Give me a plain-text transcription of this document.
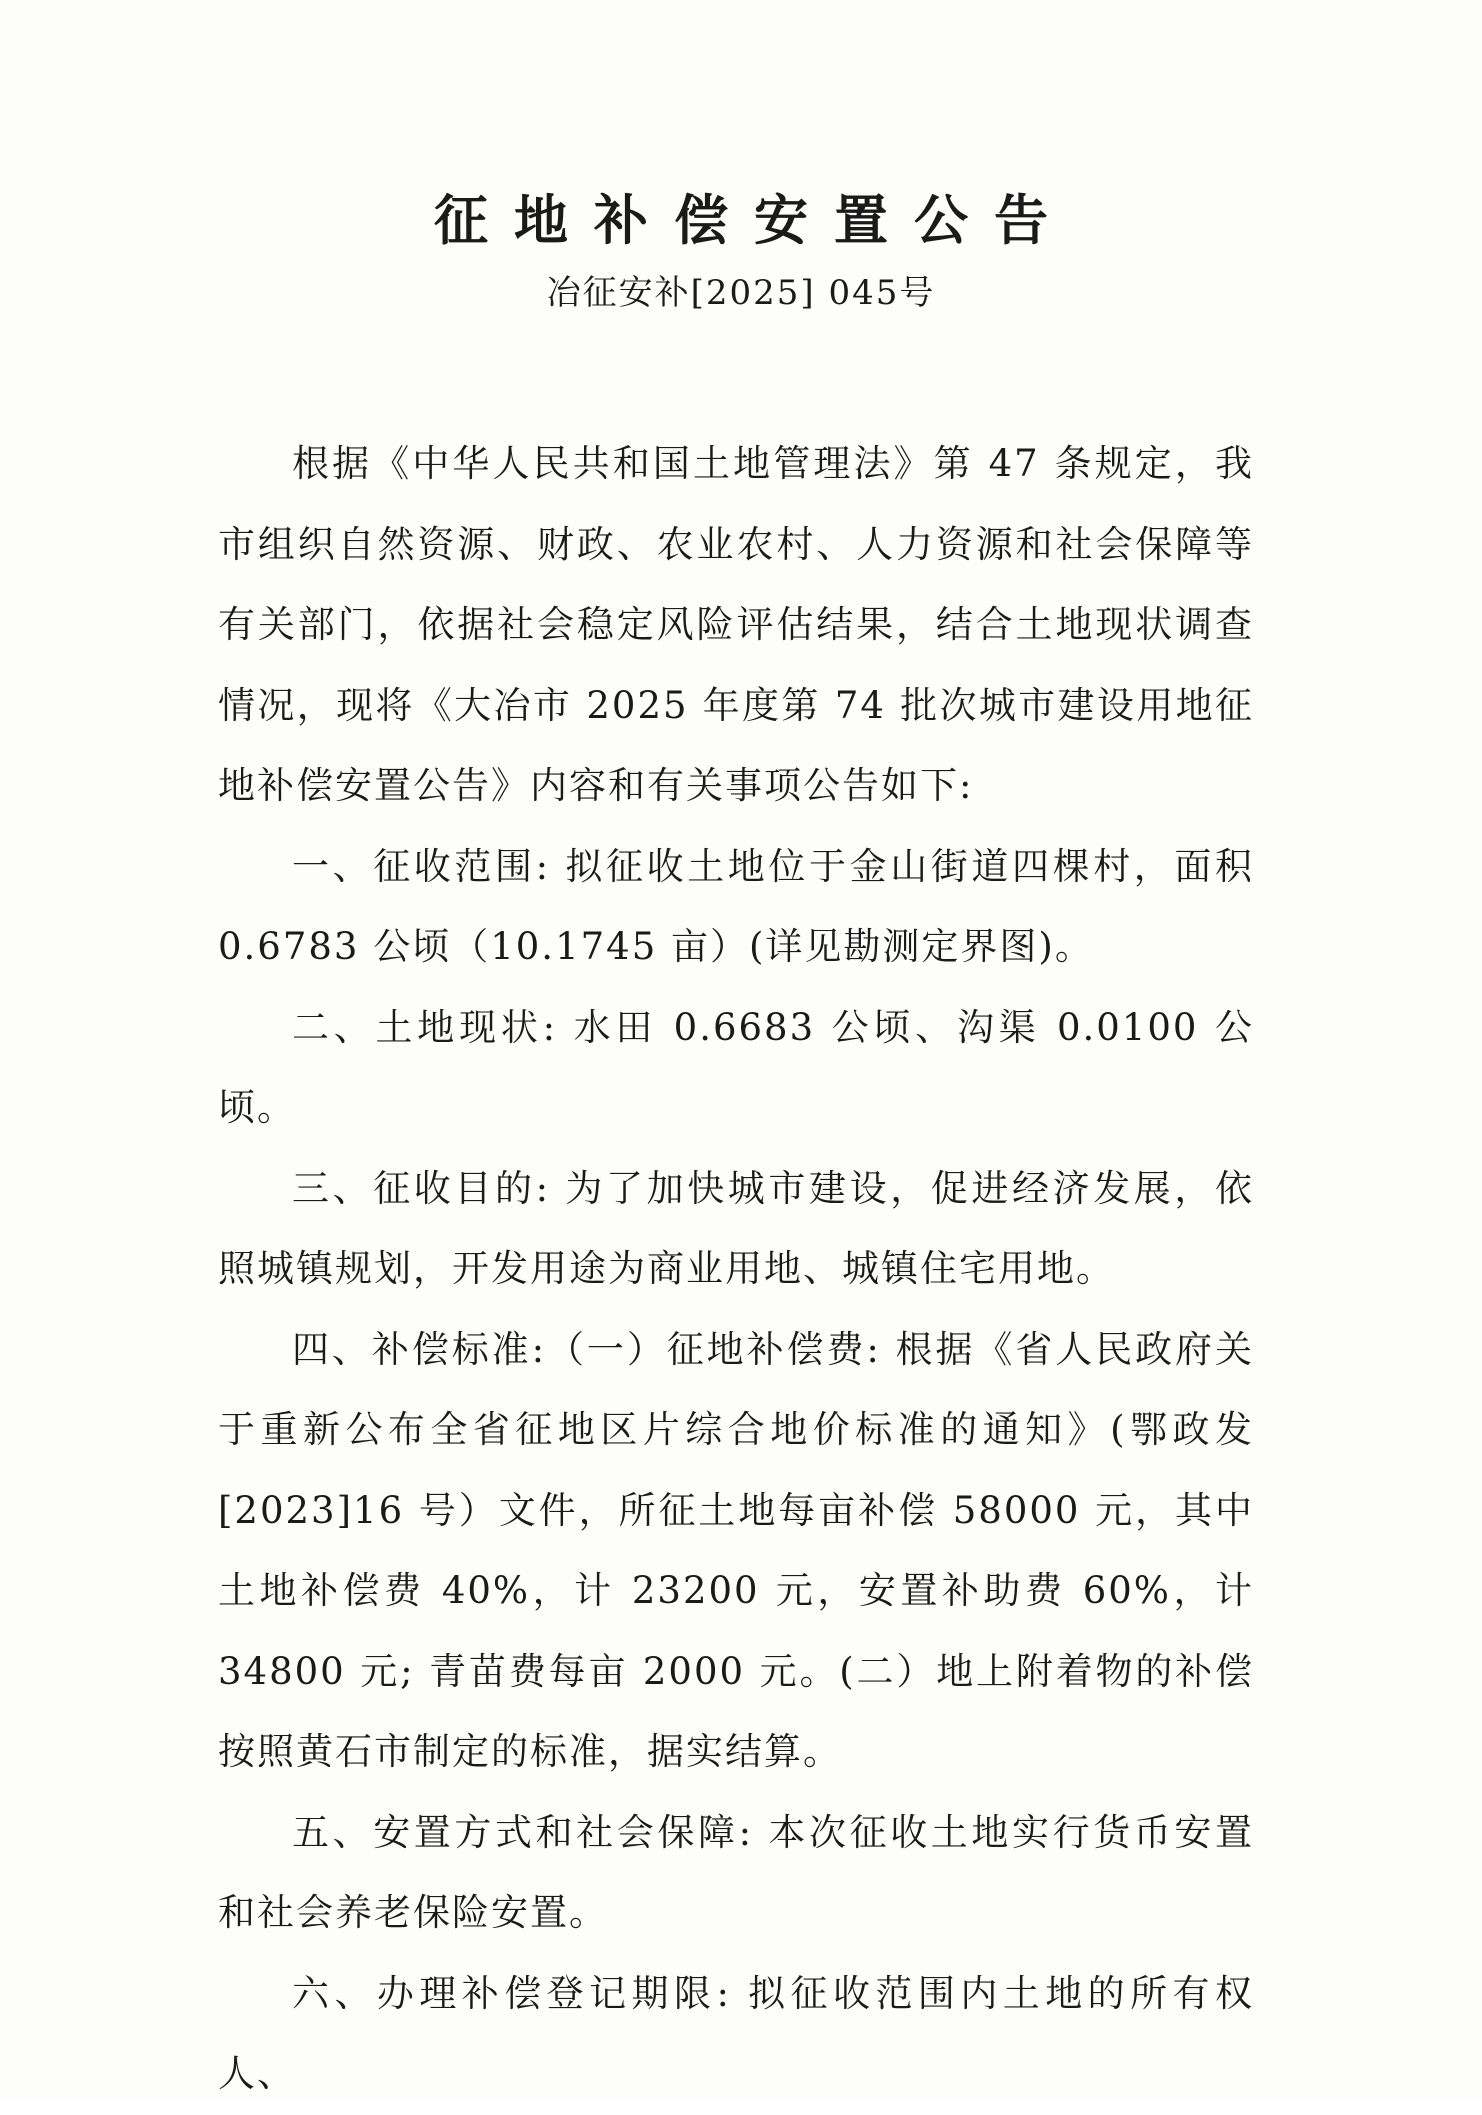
征地补偿安置公告
冶征安补[2025] 045号

根据《中华人民共和国土地管理法》第 47 条规定，我市组织自然资源、财政、农业农村、人力资源和社会保障等有关部门，依据社会稳定风险评估结果，结合土地现状调查情况，现将《大冶市 2025 年度第 74 批次城市建设用地征地补偿安置公告》内容和有关事项公告如下:

一、征收范围: 拟征收土地位于金山街道四棵村，面积 0.6783 公顷（10.1745 亩）(详见勘测定界图)。

二、土地现状: 水田 0.6683 公顷、沟渠 0.0100 公顷。

三、征收目的: 为了加快城市建设，促进经济发展，依照城镇规划，开发用途为商业用地、城镇住宅用地。

四、补偿标准:（一）征地补偿费: 根据《省人民政府关于重新公布全省征地区片综合地价标准的通知》(鄂政发[2023]16 号）文件，所征土地每亩补偿 58000 元，其中土地补偿费 40%，计 23200 元，安置补助费 60%，计 34800 元; 青苗费每亩 2000 元。(二）地上附着物的补偿按照黄石市制定的标准，据实结算。

五、安置方式和社会保障: 本次征收土地实行货币安置和社会养老保险安置。

六、办理补偿登记期限: 拟征收范围内土地的所有权人、
